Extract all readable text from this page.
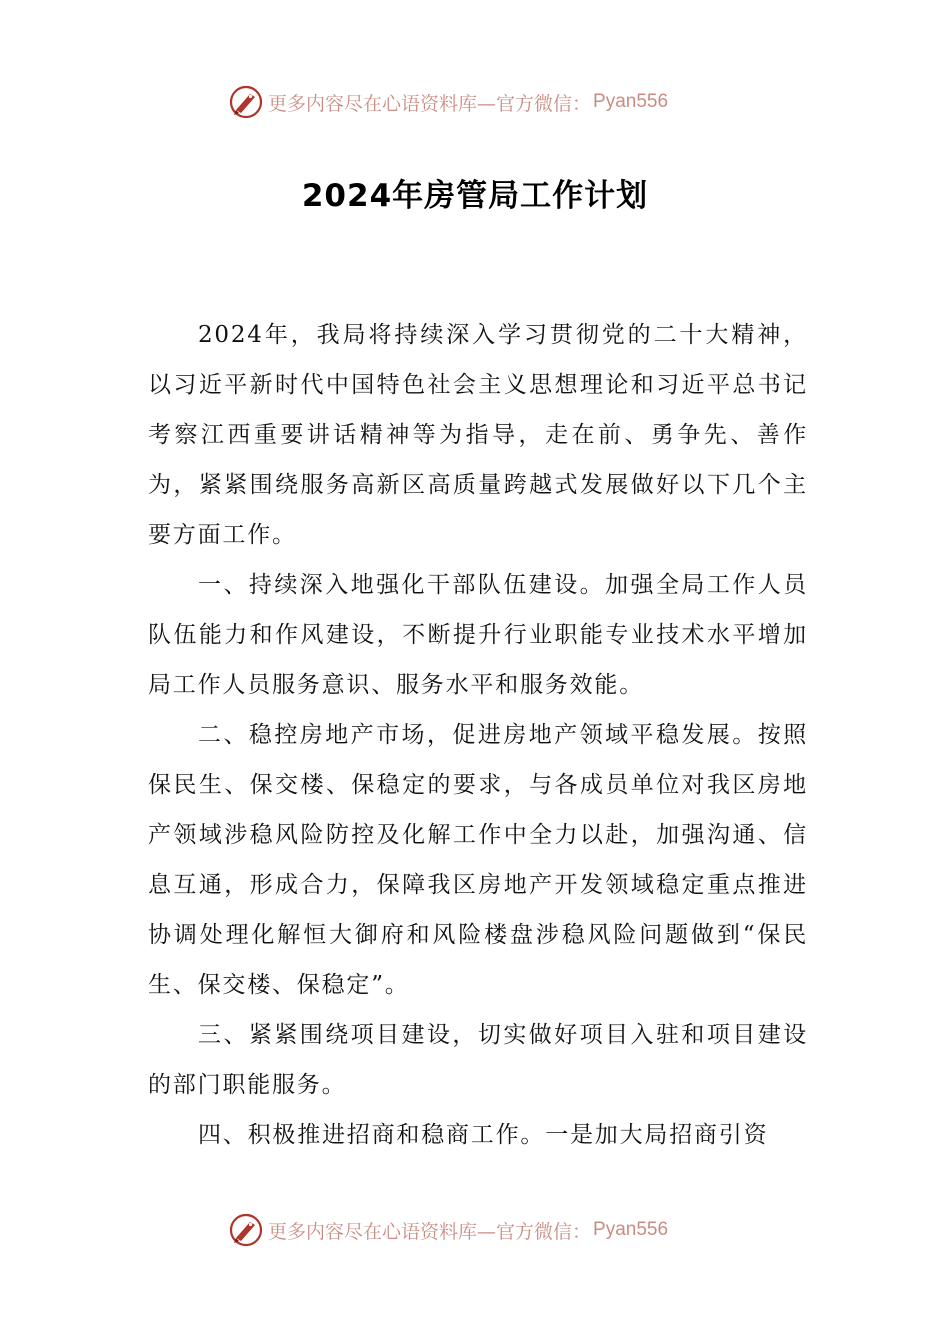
更多内容尽在心语资料库—官方微信： Pyan556
2024年房管局工作计划

2024年，我局将持续深入学习贯彻党的二十大精神，以习近平新时代中国特色社会主义思想理论和习近平总书记考察江西重要讲话精神等为指导，走在前、勇争先、善作为，紧紧围绕服务高新区高质量跨越式发展做好以下几个主要方面工作。

一、持续深入地强化干部队伍建设。加强全局工作人员队伍能力和作风建设，不断提升行业职能专业技术水平增加局工作人员服务意识、服务水平和服务效能。

二、稳控房地产市场，促进房地产领域平稳发展。按照保民生、保交楼、保稳定的要求，与各成员单位对我区房地产领域涉稳风险防控及化解工作中全力以赴，加强沟通、信息互通，形成合力，保障我区房地产开发领域稳定重点推进协调处理化解恒大御府和风险楼盘涉稳风险问题做到“保民生、保交楼、保稳定”。

三、紧紧围绕项目建设，切实做好项目入驻和项目建设的部门职能服务。

四、积极推进招商和稳商工作。一是加大局招商引资

更多内容尽在心语资料库—官方微信： Pyan556
